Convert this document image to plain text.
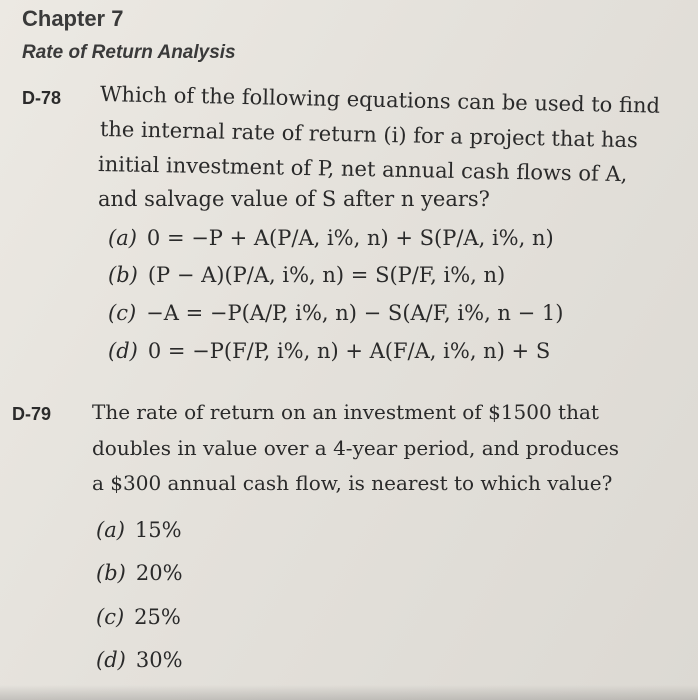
Chapter 7
Rate of Return Analysis
D-78 Which of the following equations can be used to find
the internal rate of return (i) for a project that has
initial investment of P, net annual cash flows of A,
and salvage value of S after n years?
(a) 0 = −P + A(P/A, i%, n) + S(P/A, i%, n)
(b) (P − A)(P/A, i%, n) = S(P/F, i%, n)
(c) −A = −P(A/P, i%, n) − S(A/F, i%, n − 1)
(d) 0 = −P(F/P, i%, n) + A(F/A, i%, n) + S
D-79 The rate of return on an investment of $1500 that
doubles in value over a 4-year period, and produces
a $300 annual cash flow, is nearest to which value?
(a) 15%
(b) 20%
(c) 25%
(d) 30%
